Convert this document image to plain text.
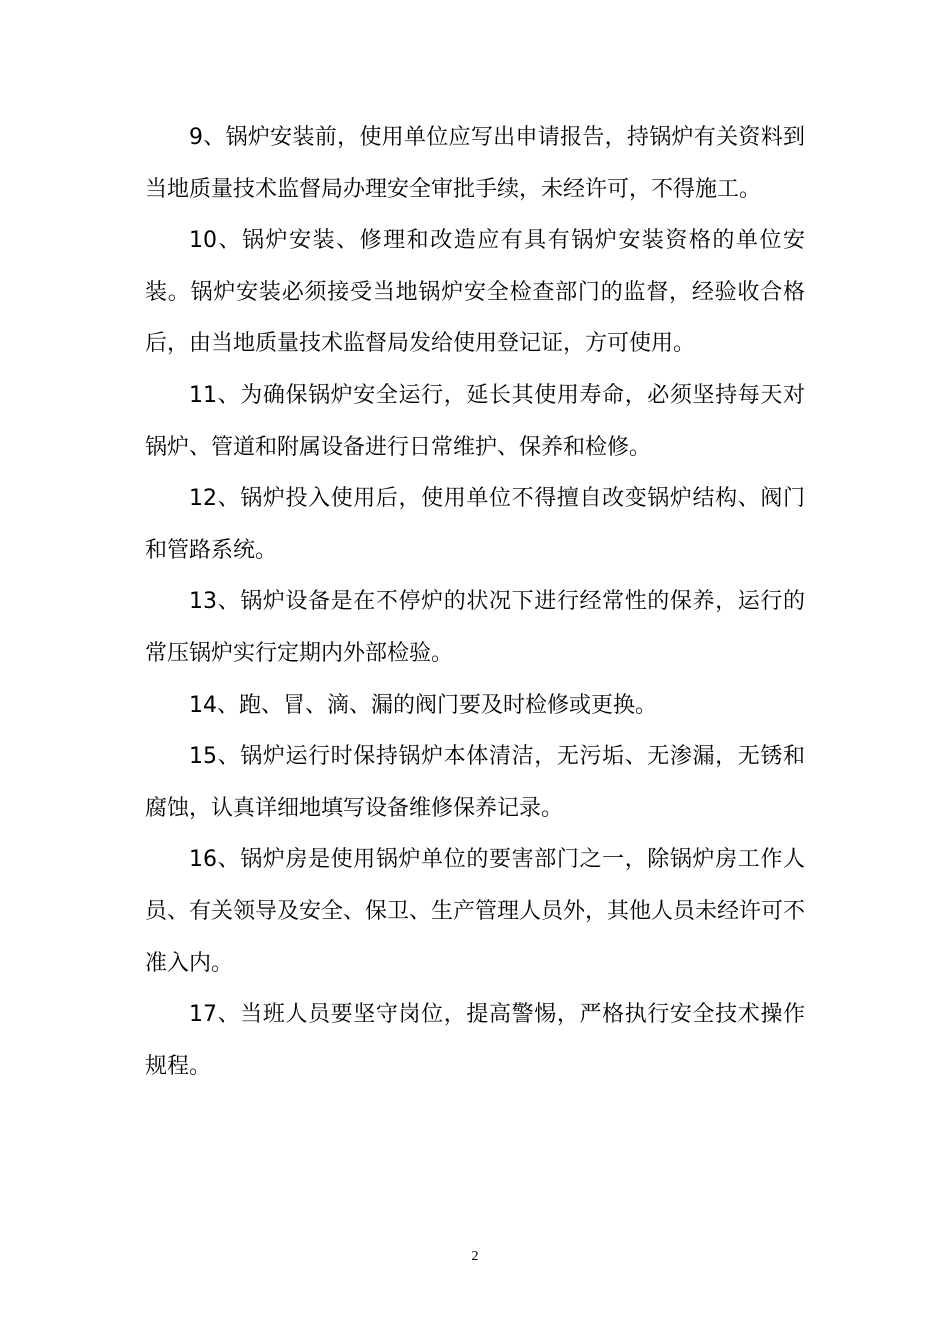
9、锅炉安装前，使用单位应写出申请报告，持锅炉有关资料到当地质量技术监督局办理安全审批手续，未经许可，不得施工。

10、锅炉安装、修理和改造应有具有锅炉安装资格的单位安装。锅炉安装必须接受当地锅炉安全检查部门的监督，经验收合格后，由当地质量技术监督局发给使用登记证，方可使用。

11、为确保锅炉安全运行，延长其使用寿命，必须坚持每天对锅炉、管道和附属设备进行日常维护、保养和检修。

12、锅炉投入使用后，使用单位不得擅自改变锅炉结构、阀门和管路系统。

13、锅炉设备是在不停炉的状况下进行经常性的保养，运行的常压锅炉实行定期内外部检验。

14、跑、冒、滴、漏的阀门要及时检修或更换。

15、锅炉运行时保持锅炉本体清洁，无污垢、无渗漏，无锈和腐蚀，认真详细地填写设备维修保养记录。

16、锅炉房是使用锅炉单位的要害部门之一，除锅炉房工作人员、有关领导及安全、保卫、生产管理人员外，其他人员未经许可不准入内。

17、当班人员要坚守岗位，提高警惕，严格执行安全技术操作规程。

2
